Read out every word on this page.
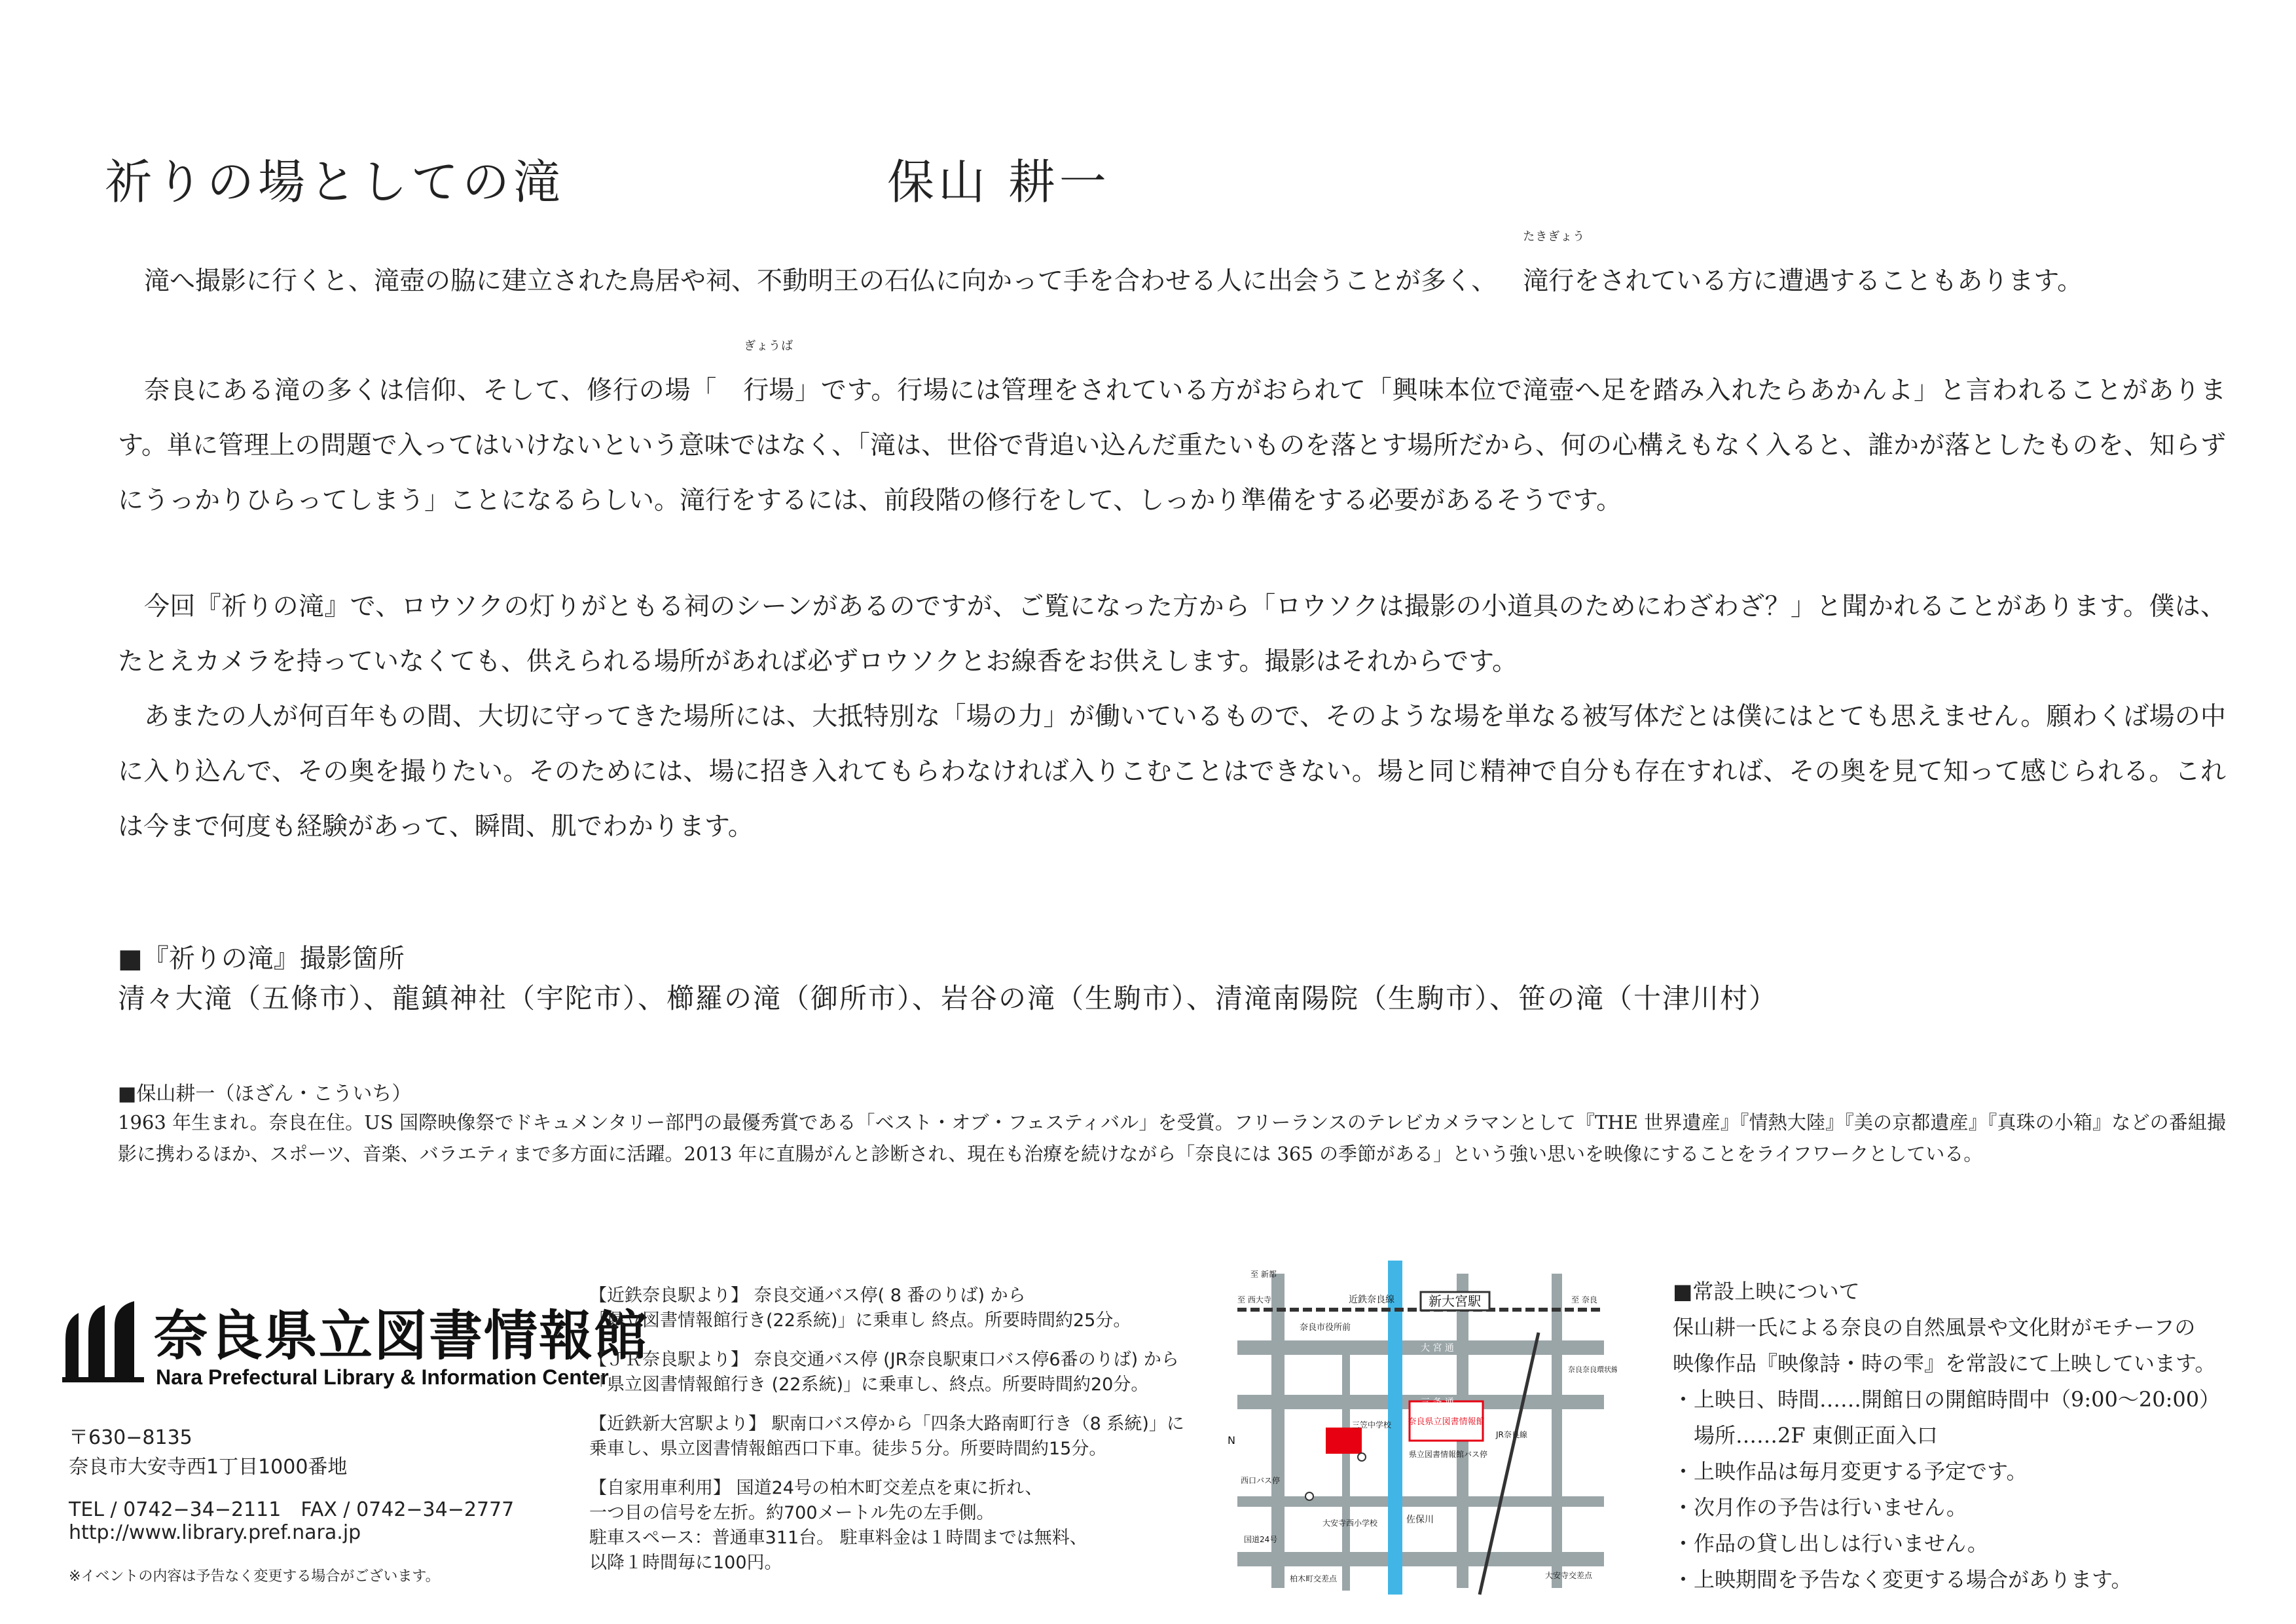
祈りの場としての滝	保山 耕一

滝へ撮影に行くと、滝壺の脇に建立された鳥居や祠、不動明王の石仏に向かって手を合わせる人に出会うことが多く、
たきぎょう
滝行をされている方に遭遇することもあります。

奈良にある滝の多くは信仰、そして、修行の場「
ぎょうば
行場」です。行場には管理をされている方がおられて「興味本位で滝壺へ足を踏み入れたらあかんよ」と言われることがあります。単に管理上の問題で入ってはいけないという意味ではなく、「滝は、世俗で背追い込んだ重たいものを落とす場所だから、何の心構えもなく入ると、誰かが落としたものを、知らずにうっかりひらってしまう」ことになるらしい。滝行をするには、前段階の修行をして、しっかり準備をする必要があるそうです。

今回『祈りの滝』で、ロウソクの灯りがともる祠のシーンがあるのですが、ご覧になった方から「ロウソクは撮影の小道具のためにわざわざ？」と聞かれることがあります。僕は、たとえカメラを持っていなくても、供えられる場所があれば必ずロウソクとお線香をお供えします。撮影はそれからです。

あまたの人が何百年もの間、大切に守ってきた場所には、大抵特別な「場の力」が働いているもので、そのような場を単なる被写体だとは僕にはとても思えません。願わくば場の中に入り込んで、その奥を撮りたい。そのためには、場に招き入れてもらわなければ入りこむことはできない。場と同じ精神で自分も存在すれば、その奥を見て知って感じられる。これは今まで何度も経験があって、瞬間、肌でわかります。

■『祈りの滝』撮影箇所
清々大滝（五條市）、龍鎮神社（宇陀市）、櫛羅の滝（御所市）、岩谷の滝（生駒市）、清滝南陽院（生駒市）、笹の滝（十津川村）
■保山耕一（ほざん・こういち）
1963 年生まれ。奈良在住。US 国際映像祭でドキュメンタリー部門の最優秀賞である「ベスト・オブ・フェスティバル」を受賞。フリーランスのテレビカメラマンとして『THE 世界遺産』『情熱大陸』『美の京都遺産』『真珠の小箱』などの番組撮影に携わるほか、スポーツ、音楽、バラエティまで多方面に活躍。2013 年に直腸がんと診断され、現在も治療を続けながら「奈良には 365 の季節がある」という強い思いを映像にすることをライフワークとしている。
奈良県立図書情報館
Nara Prefectural Library & Information Center
〒630−8135
奈良市大安寺西1丁目1000番地
TEL / 0742−34−2111　FAX / 0742−34−2777
http://www.library.pref.nara.jp
※イベントの内容は予告なく変更する場合がございます。

【近鉄奈良駅より】 奈良交通バス停( 8 番のりば) から
「県立図書情報館行き(22系統)」に乗車し 終点。所要時間約25分。

【ＪＲ奈良駅より】 奈良交通バス停 (JR奈良駅東口バス停6番のりば) から
「県立図書情報館行き (22系統)」に乗車し、終点。所要時間約20分。

【近鉄新大宮駅より】 駅南口バス停から「四条大路南町行き（8 系統)」に
乗車し、県立図書情報館西口下車。徒歩５分。所要時間約15分。

【自家用車利用】 国道24号の柏木町交差点を東に折れ、
一つ目の信号を左折。約700メートル先の左手側。
駐車スペース：普通車311台。 駐車料金は１時間までは無料、
以降１時間毎に100円。

新大宮駅
奈良県立図書情報館
至 新都
至 西大寺	至 奈良
近鉄奈良線
奈良市役所前
大 宮 通
三 条 通
三笠中学校
県立図書情報館バス停
西口バス停
N
大安寺西小学校	佐保川
柏木町交差点	大安寺交差点
国道24号
JR奈良線
奈良奈良環状線
■常設上映について
保山耕一氏による奈良の自然風景や文化財がモチーフの
映像作品『映像詩・時の雫』を常設にて上映しています。
・上映日、時間……開館日の開館時間中（9:00〜20:00）
　場所……2F 東側正面入口
・上映作品は毎月変更する予定です。
・次月作の予告は行いません。
・作品の貸し出しは行いません。
・上映期間を予告なく変更する場合があります。
